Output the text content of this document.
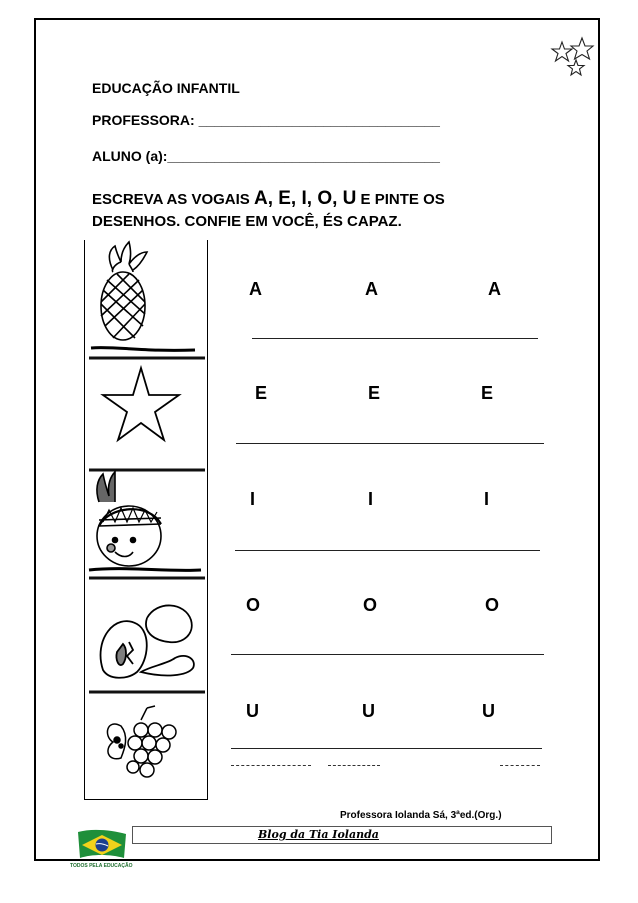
EDUCAÇÃO INFANTIL
PROFESSORA: _______________________________
ALUNO (a):___________________________________
ESCREVA AS VOGAIS A, E, I, O, U E PINTE OS
DESENHOS. CONFIE EM VOCÊ, ÉS CAPAZ.
A	A	A
E	E	E
I	I	I
O	O	O
U	U	U
Professora Iolanda Sá, 3ªed.(Org.)
Blog da Tia Iolanda
TODOS PELA EDUCAÇÃO
